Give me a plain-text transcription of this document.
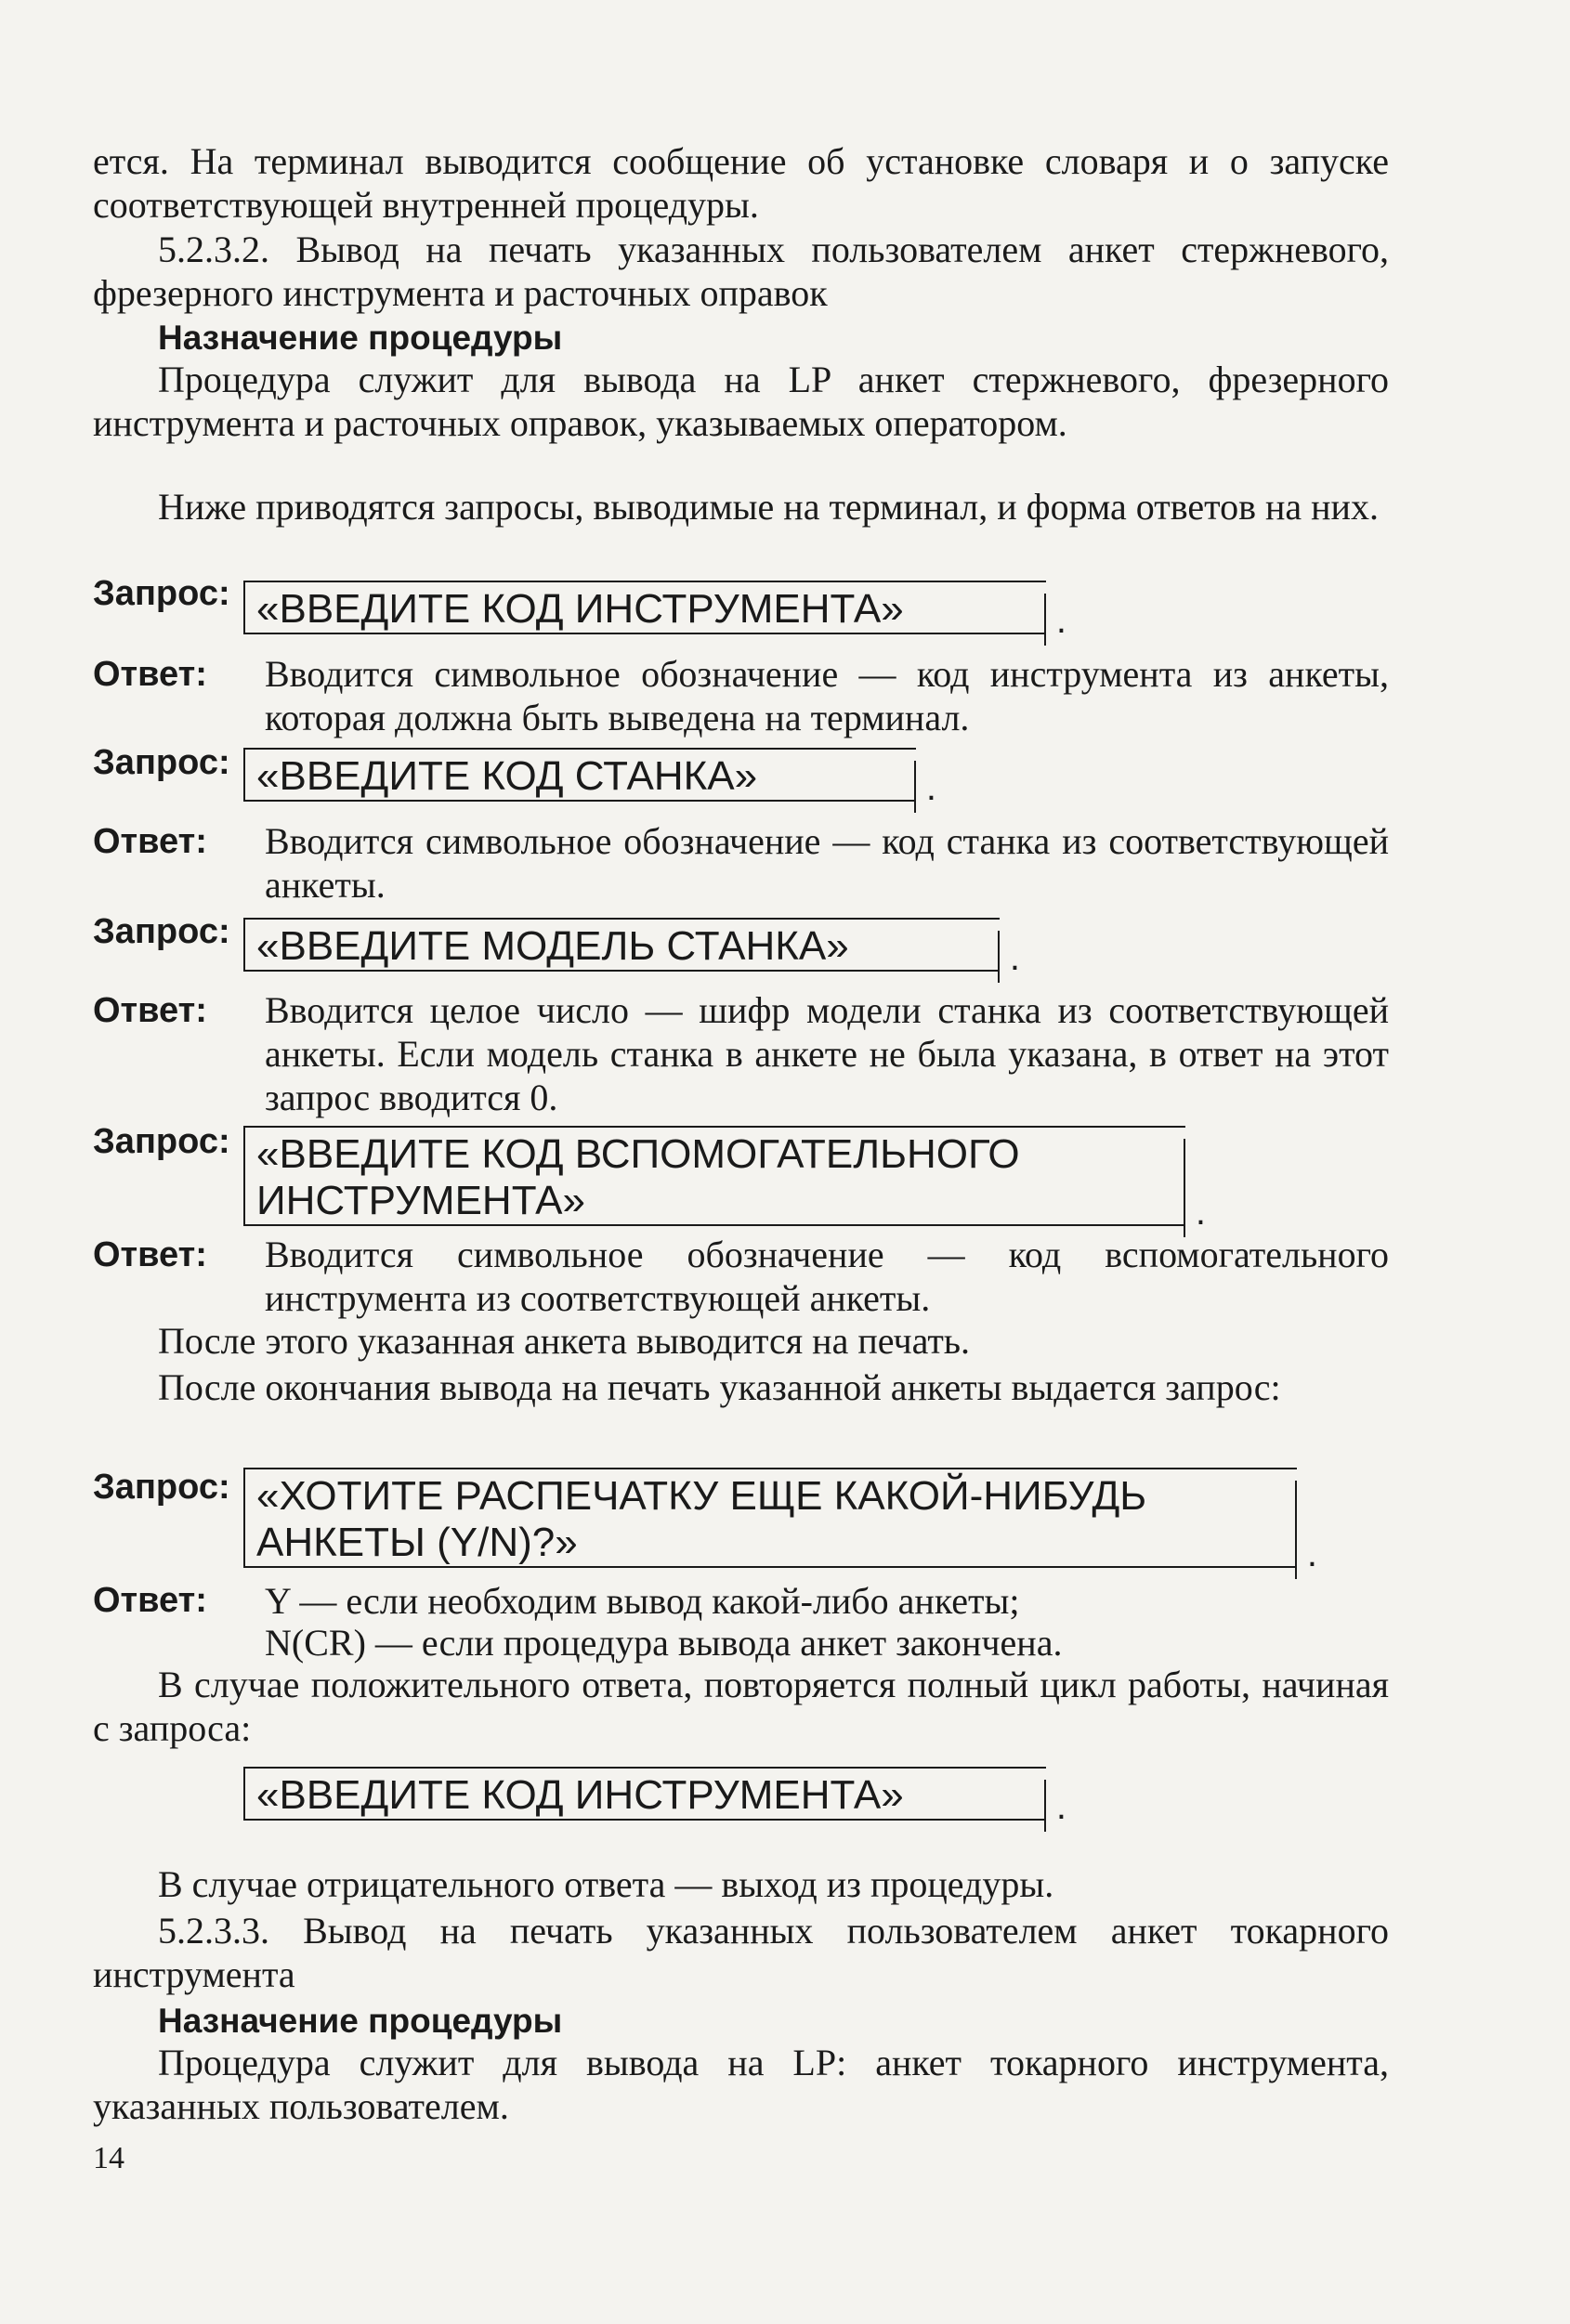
ется. На терминал выводится сообщение об установке словаря и о запуске соответствующей внутренней процедуры.
5.2.3.2. Вывод на печать указанных пользователем анкет стержневого, фрезерного инструмента и расточных оправок
Назначение процедуры
Процедура служит для вывода на LP анкет стержневого, фрезерного инструмента и расточных оправок, указываемых оператором.
Ниже приводятся запросы, выводимые на терминал, и форма ответов на них.
Запрос: «ВВЕДИТЕ КОД ИНСТРУМЕНТА»	.
Ответ: Вводится символьное обозначение — код инструмента из анкеты, которая должна быть выведена на терминал.
Запрос: «ВВЕДИТЕ КОД СТАНКА»	.
Ответ: Вводится символьное обозначение — код станка из соответствующей анкеты.
Запрос: «ВВЕДИТЕ МОДЕЛЬ СТАНКА»	.
Ответ: Вводится целое число — шифр модели станка из соответствующей анкеты. Если модель станка в анкете не была указана, в ответ на этот запрос вводится 0.
Запрос: «ВВЕДИТЕ КОД ВСПОМОГАТЕЛЬНОГО
ИНСТРУМЕНТА»	.
Ответ: Вводится символьное обозначение — код вспомогательного инструмента из соответствующей анкеты.
После этого указанная анкета выводится на печать.
После окончания вывода на печать указанной анкеты выдается запрос:
Запрос: «ХОТИТЕ РАСПЕЧАТКУ ЕЩЕ КАКОЙ-НИБУДЬ
АНКЕТЫ (Y/N)?»	.
Ответ: Y — если необходим вывод какой-либо анкеты;
N(CR) — если процедура вывода анкет закончена.
В случае положительного ответа, повторяется полный цикл работы, начиная с запроса:
«ВВЕДИТЕ КОД ИНСТРУМЕНТА»	.
В случае отрицательного ответа — выход из процедуры.
5.2.3.3. Вывод на печать указанных пользователем анкет токарного инструмента
Назначение процедуры
Процедура служит для вывода на LP: анкет токарного инструмента, указанных пользователем.
14
